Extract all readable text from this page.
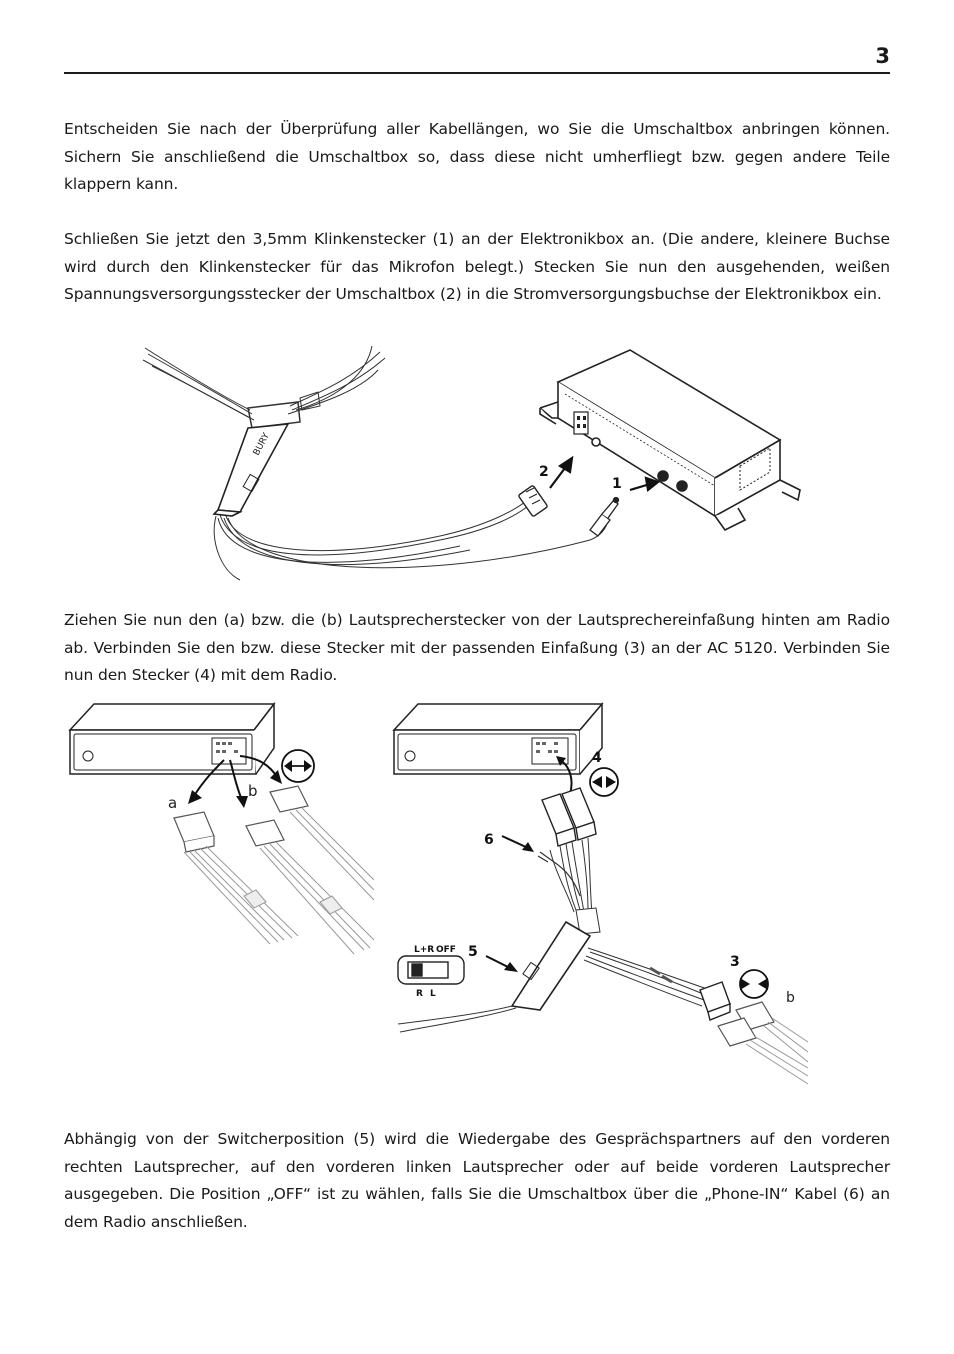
3

Entscheiden Sie nach der Überprüfung aller Kabellängen, wo Sie die Umschaltbox anbringen können. Sichern Sie anschließend die Umschaltbox so, dass diese nicht umherfliegt bzw. gegen andere Teile klappern kann.

Schließen Sie jetzt den 3,5mm Klinkenstecker (1) an der Elektronikbox an. (Die andere, kleinere Buchse wird durch den Klinkenstecker für das Mikrofon belegt.) Stecken Sie nun den ausgehenden, weißen Spannungsversorgungsstecker der Umschaltbox (2) in die Stromversorgungsbuchse der Elektronikbox ein.

BURY
2
1

Ziehen Sie nun den (a) bzw. die (b) Lautsprecherstecker von der Lautsprechereinfaßung hinten am Radio ab. Verbinden Sie den bzw. diese Stecker mit der passenden Einfaßung (3) an der AC 5120. Verbinden Sie nun den Stecker (4) mit dem Radio.

a
b
4
6
5
L+R OFF
R L
3
b

Abhängig von der Switcherposition (5) wird die Wiedergabe des Gesprächspartners auf den vorderen rechten Lautsprecher, auf den vorderen linken Lautsprecher oder auf beide vorderen Lautsprecher ausgegeben. Die Position „OFF“ ist zu wählen, falls Sie die Umschaltbox über die „Phone-IN“ Kabel (6) an dem Radio anschließen.
